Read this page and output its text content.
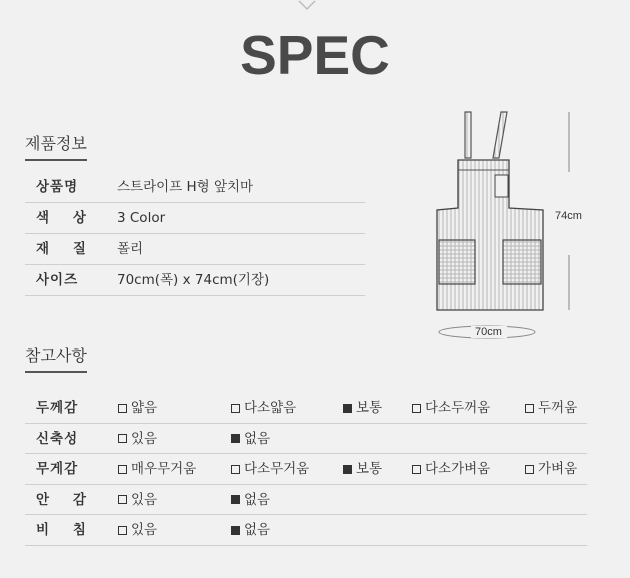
SPEC
제품정보
상품명	스트라이프 H형 앞치마
색    상	3 Color
재    질	폴리
사이즈	70cm(폭) x 74cm(기장)
74cm
70cm
참고사항
두께감	얇음	다소얇음	보통	다소두꺼움	두꺼움
신축성	있음	없음
무게감	매우무거움	다소무거움	보통	다소가벼움	가벼움
안    감	있음	없음
비    침	있음	없음
